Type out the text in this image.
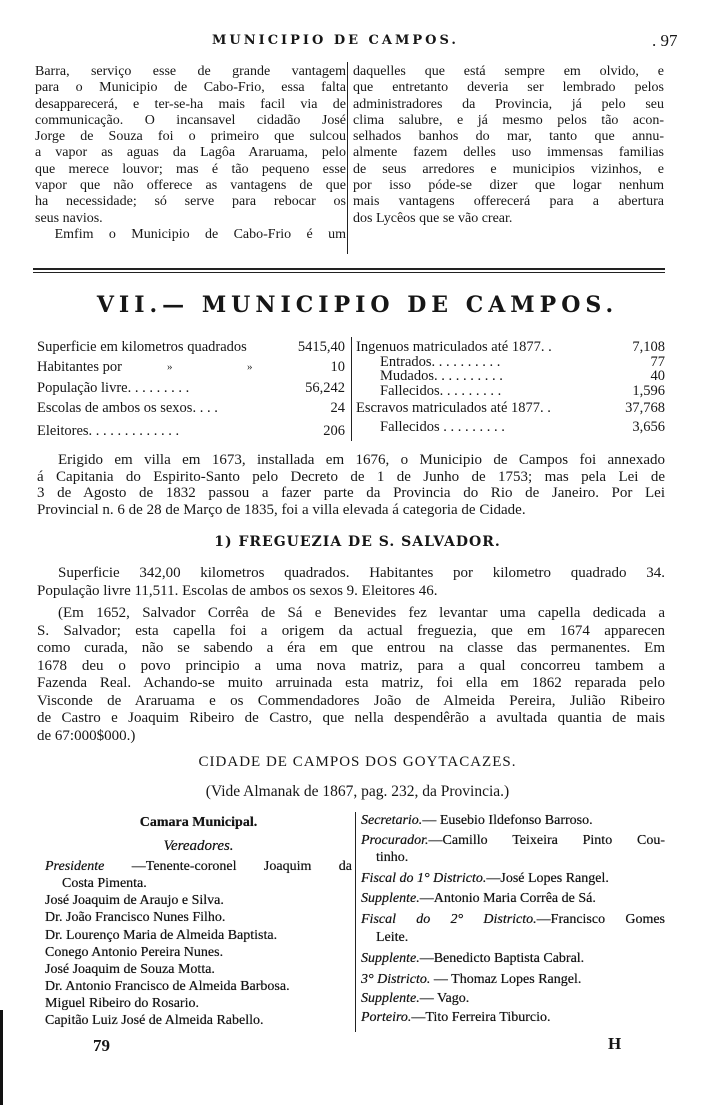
MUNICIPIO DE CAMPOS.	. 97
Barra, serviço esse de grande vantagem
para o Municipio de Cabo-Frio, essa falta
desapparecerá, e ter-se-ha mais facil via de
communicação. O incansavel cidadão José
Jorge de Souza foi o primeiro que sulcou
a vapor as aguas da Lagôa Araruama, pelo
que merece louvor; mas é tão pequeno esse
vapor que não offerece as vantagens de que
ha necessidade; só serve para rebocar os
seus navios.
Emfim o Municipio de Cabo-Frio é um
daquelles que está sempre em olvido, e
que entretanto deveria ser lembrado pelos
administradores da Provincia, já pelo seu
clima salubre, e já mesmo pelos tão acon-
selhados banhos do mar, tanto que annu-
almente fazem delles uso immensas familias
de seus arredores e municipios vizinhos, e
por isso póde-se dizer que logar nenhum
mais vantagens offerecerá para a abertura
dos Lycêos que se vão crear.
VII.— MUNICIPIO DE CAMPOS.
Superficie em kilometros quadrados	5415,40
Habitantes por	»	»	10
População livre. . . . . . . . .	56,242
Escolas de ambos os sexos. . . .	24
Eleitores. . . . . . . . . . . . .	206
Ingenuos matriculados até 1877. .	7,108
Entrados. . . . . . . . . .	77
Mudados. . . . . . . . . .	40
Fallecidos. . . . . . . . .	1,596
Escravos matriculados até 1877. .	37,768
Fallecidos . . . . . . . . .	3,656
Erigido em villa em 1673, installada em 1676, o Municipio de Campos foi annexado
á Capitania do Espirito-Santo pelo Decreto de 1 de Junho de 1753; mas pela Lei de
3 de Agosto de 1832 passou a fazer parte da Provincia do Rio de Janeiro. Por Lei
Provincial n. 6 de 28 de Março de 1835, foi a villa elevada á categoria de Cidade.
1) FREGUEZIA DE S. SALVADOR.
Superficie 342,00 kilometros quadrados. Habitantes por kilometro quadrado 34.
População livre 11,511. Escolas de ambos os sexos 9. Eleitores 46.
(Em 1652, Salvador Corrêa de Sá e Benevides fez levantar uma capella dedicada a
S. Salvador; esta capella foi a origem da actual freguezia, que em 1674 apparecen
como curada, não se sabendo a éra em que entrou na classe das permanentes. Em
1678 deu o povo principio a uma nova matriz, para a qual concorreu tambem a
Fazenda Real. Achando-se muito arruinada esta matriz, foi ella em 1862 reparada pelo
Visconde de Araruama e os Commendadores João de Almeida Pereira, Julião Ribeiro
de Castro e Joaquim Ribeiro de Castro, que nella despendêrão a avultada quantia de mais
de 67:000$000.)
CIDADE DE CAMPOS DOS GOYTACAZES.
(Vide Almanak de 1867, pag. 232, da Provincia.)
Camara Municipal.
Vereadores.
Presidente —Tenente-coronel Joaquim da
Costa Pimenta.
José Joaquim de Araujo e Silva.
Dr. João Francisco Nunes Filho.
Dr. Lourenço Maria de Almeida Baptista.
Conego Antonio Pereira Nunes.
José Joaquim de Souza Motta.
Dr. Antonio Francisco de Almeida Barbosa.
Miguel Ribeiro do Rosario.
Capitão Luiz José de Almeida Rabello.
Secretario.— Eusebio Ildefonso Barroso.
Procurador.—Camillo Teixeira Pinto Cou-
tinho.
Fiscal do 1° Districto.—José Lopes Rangel.
Supplente.—Antonio Maria Corrêa de Sá.
Fiscal do 2° Districto.—Francisco Gomes
Leite.
Supplente.—Benedicto Baptista Cabral.
3° Districto. — Thomaz Lopes Rangel.
Supplente.— Vago.
Porteiro.—Tito Ferreira Tiburcio.
79	H
